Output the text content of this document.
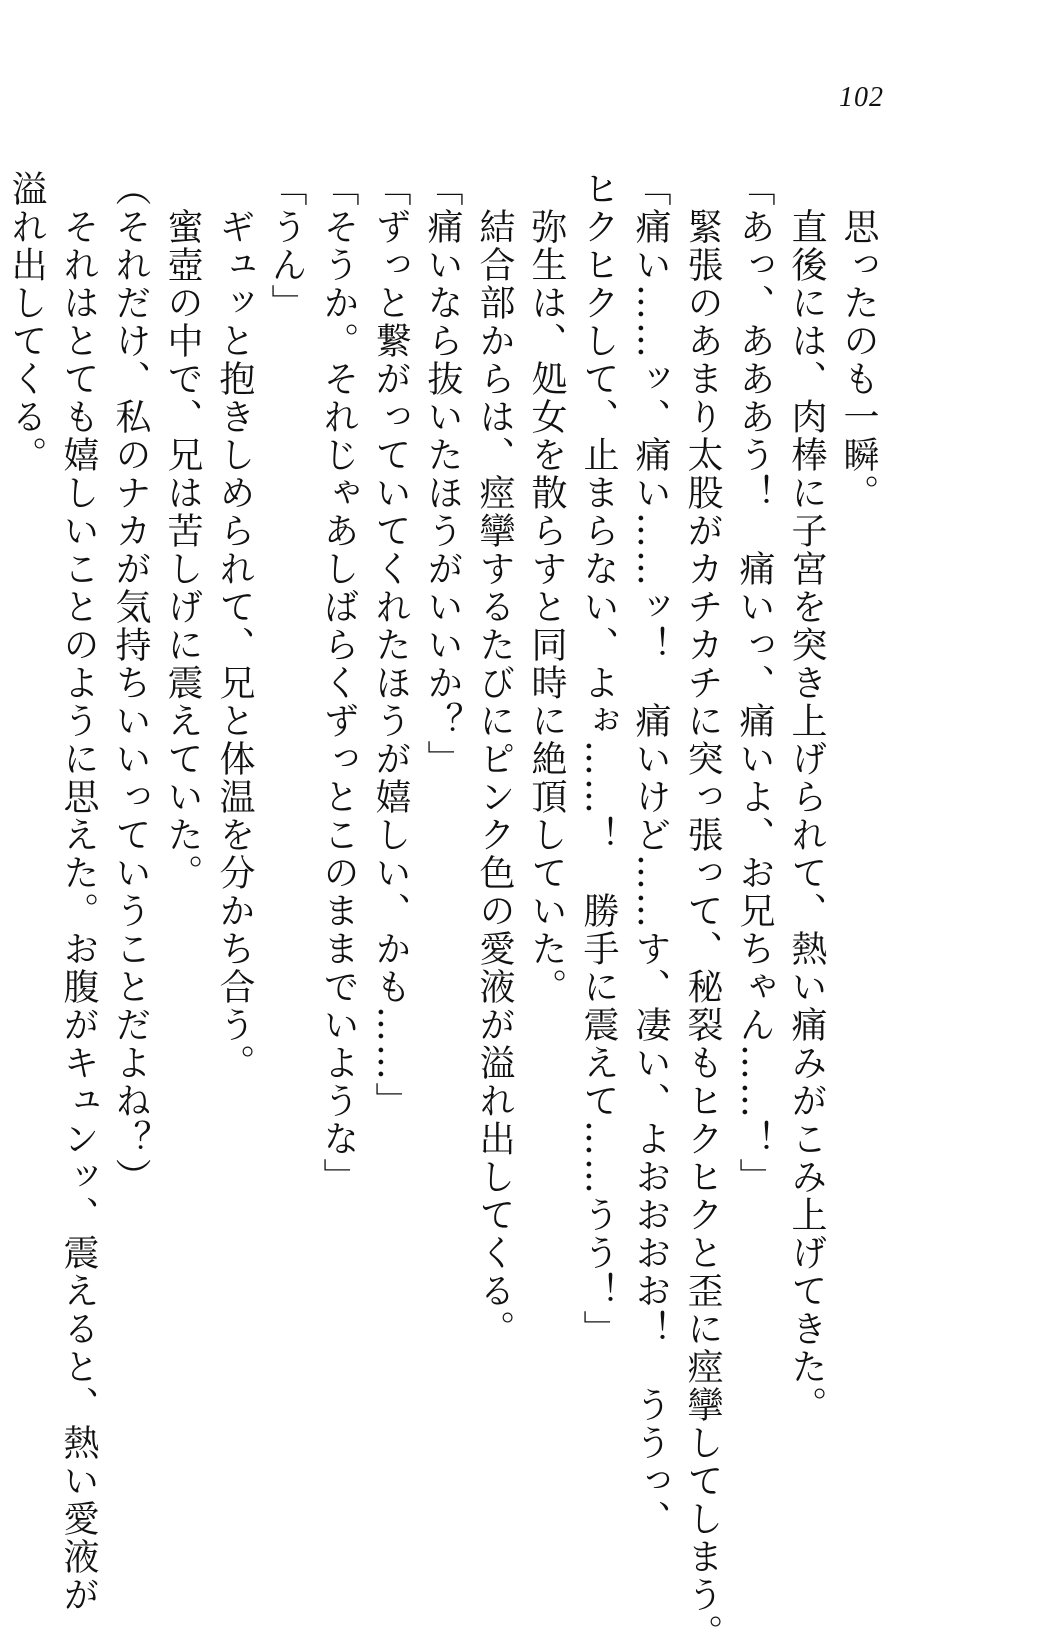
102
　思ったのも一瞬。
　直後には、肉棒に子宮を突き上げられて、熱い痛みがこみ上げてきた。
「あっ、あああう！　痛いっ、痛いよ、お兄ちゃん……！」
　緊張のあまり太股がカチカチに突っ張って、秘裂もヒクヒクと歪に痙攣してしまう。
「痛い……ッ、痛い……ッ！　痛いけど……す、凄い、よおおおお！　ううっ、
ヒクヒクして、止まらない、よぉ……！　勝手に震えて……うう！」
　弥生は、処女を散らすと同時に絶頂していた。
　結合部からは、痙攣するたびにピンク色の愛液が溢れ出してくる。
「痛いなら抜いたほうがいいか？」
「ずっと繋がっていてくれたほうが嬉しい、かも……」
「そうか。それじゃあしばらくずっとこのままでいような」
「うん」
　ギュッと抱きしめられて、兄と体温を分かち合う。
　蜜壺の中で、兄は苦しげに震えていた。
（それだけ、私のナカが気持ちいいっていうことだよね？）
　それはとても嬉しいことのように思えた。お腹がキュンッ、震えると、熱い愛液が
溢れ出してくる。
